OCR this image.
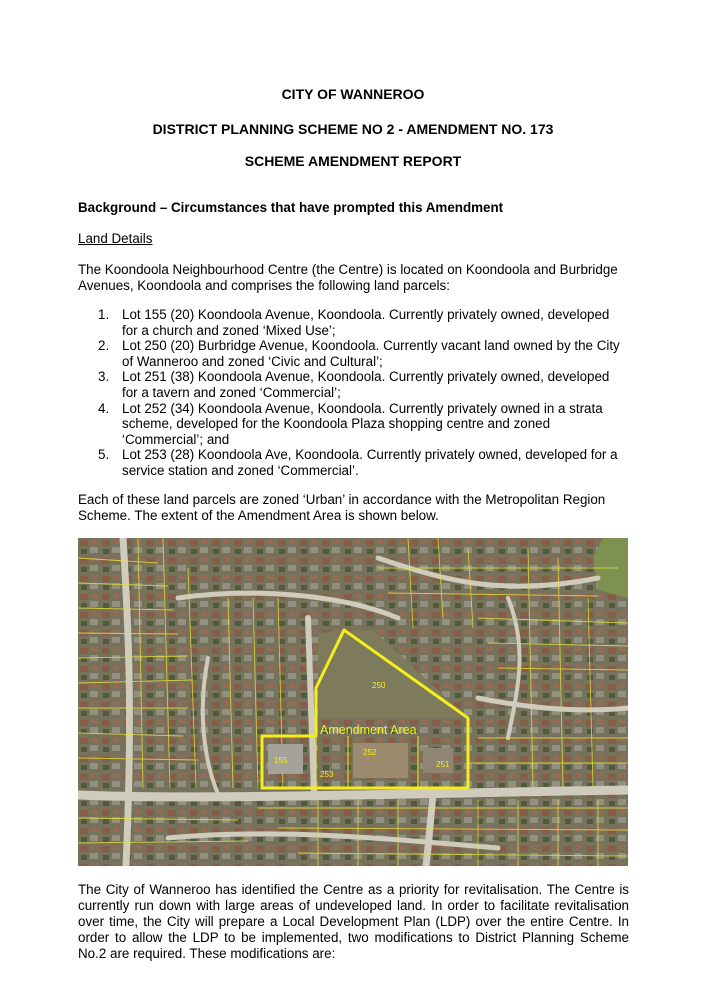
CITY OF WANNEROO
DISTRICT PLANNING SCHEME NO 2 - AMENDMENT NO. 173
SCHEME AMENDMENT REPORT
Background – Circumstances that have prompted this Amendment
Land Details
The Koondoola Neighbourhood Centre (the Centre) is located on Koondoola and Burbridge Avenues, Koondoola and comprises the following land parcels:
1. Lot 155 (20) Koondoola Avenue, Koondoola. Currently privately owned, developed for a church and zoned ‘Mixed Use’;
2. Lot 250 (20) Burbridge Avenue, Koondoola. Currently vacant land owned by the City of Wanneroo and zoned ‘Civic and Cultural’;
3. Lot 251 (38) Koondoola Avenue, Koondoola. Currently privately owned, developed for a tavern and zoned ‘Commercial’;
4. Lot 252 (34) Koondoola Avenue, Koondoola. Currently privately owned in a strata scheme, developed for the Koondoola Plaza shopping centre and zoned ‘Commercial’; and
5. Lot 253 (28) Koondoola Ave, Koondoola. Currently privately owned, developed for a service station and zoned ‘Commercial’.
Each of these land parcels are zoned ‘Urban’ in accordance with the Metropolitan Region Scheme. The extent of the Amendment Area is shown below.
Amendment Area
250
155
252
253
251
The City of Wanneroo has identified the Centre as a priority for revitalisation. The Centre is currently run down with large areas of undeveloped land. In order to facilitate revitalisation over time, the City will prepare a Local Development Plan (LDP) over the entire Centre. In order to allow the LDP to be implemented, two modifications to District Planning Scheme No.2 are required. These modifications are:
